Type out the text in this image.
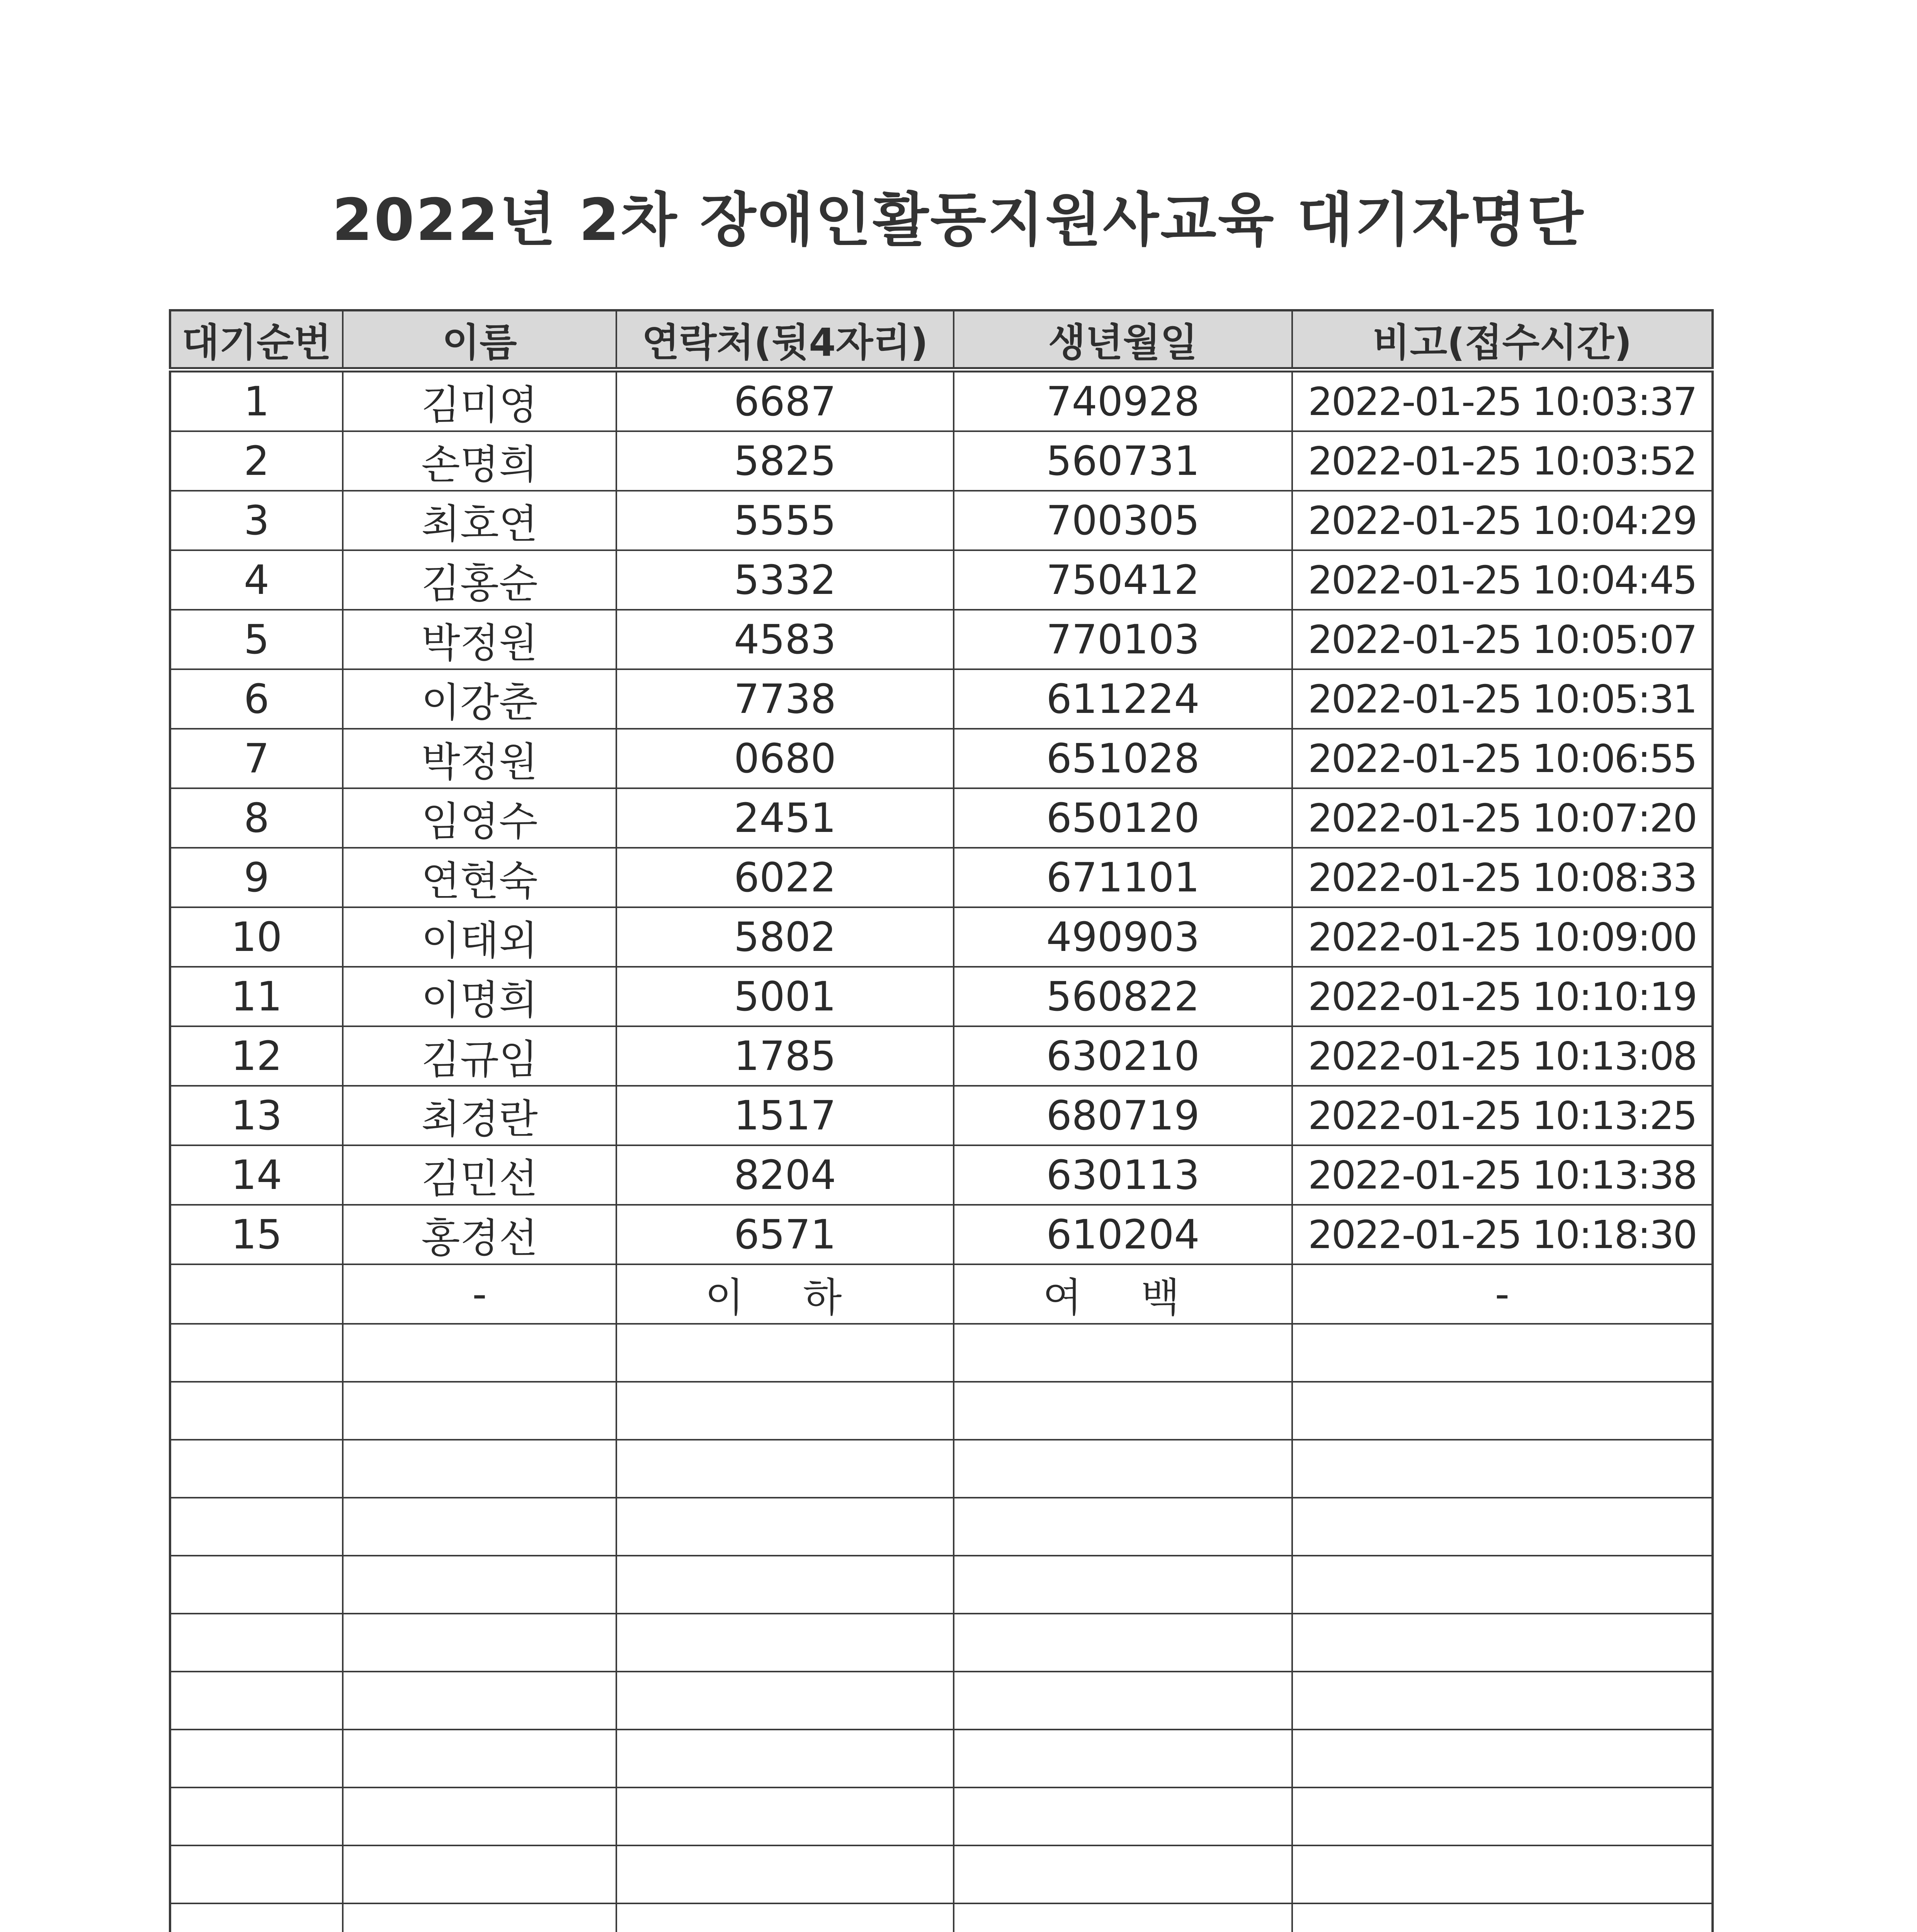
2022년 2차 장애인활동지원사교육 대기자명단
대기순번	이름	연락처(뒷4자리)	생년월일	비고(접수시간)
1	김미영	6687	740928	2022-01-25 10:03:37
2	손명희	5825	560731	2022-01-25 10:03:52
3	최호연	5555	700305	2022-01-25 10:04:29
4	김홍순	5332	750412	2022-01-25 10:04:45
5	박정원	4583	770103	2022-01-25 10:05:07
6	이강춘	7738	611224	2022-01-25 10:05:31
7	박정원	0680	651028	2022-01-25 10:06:55
8	임영수	2451	650120	2022-01-25 10:07:20
9	연현숙	6022	671101	2022-01-25 10:08:33
10	이태외	5802	490903	2022-01-25 10:09:00
11	이명희	5001	560822	2022-01-25 10:10:19
12	김규임	1785	630210	2022-01-25 10:13:08
13	최경란	1517	680719	2022-01-25 10:13:25
14	김민선	8204	630113	2022-01-25 10:13:38
15	홍경선	6571	610204	2022-01-25 10:18:30
	-	이 하	여 백	-
